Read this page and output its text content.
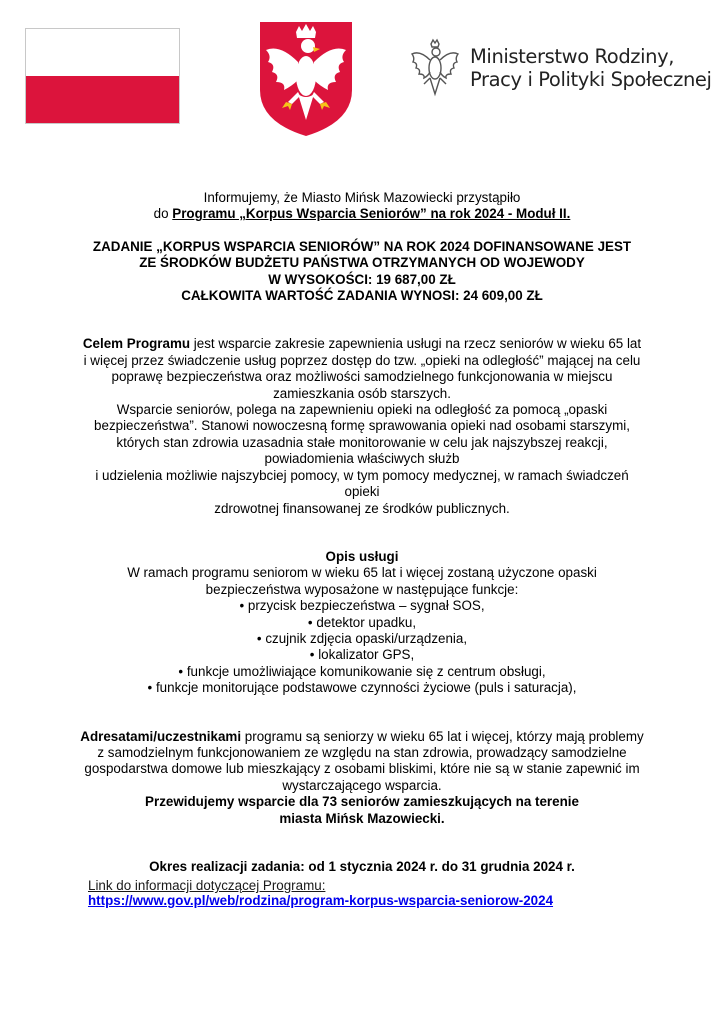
Ministerstwo Rodziny,
Pracy i Polityki Społecznej

Informujemy, że Miasto Mińsk Mazowiecki przystąpiło

do Programu „Korpus Wsparcia Seniorów” na rok 2024 - Moduł II.

ZADANIE „KORPUS WSPARCIA SENIORÓW” NA ROK 2024 DOFINANSOWANE JEST

ZE ŚRODKÓW BUDŻETU PAŃSTWA OTRZYMANYCH OD WOJEWODY

W WYSOKOŚCI: 19 687,00 ZŁ

CAŁKOWITA WARTOŚĆ ZADANIA WYNOSI: 24 609,00 ZŁ

Celem Programu jest wsparcie zakresie zapewnienia usługi na rzecz seniorów w wieku 65 lat i więcej przez świadczenie usług poprzez dostęp do tzw. „opieki na odległość” mającej na celu poprawę bezpieczeństwa oraz możliwości samodzielnego funkcjonowania w miejscu zamieszkania osób starszych.

Wsparcie seniorów, polega na zapewnieniu opieki na odległość za pomocą „opaski bezpieczeństwa”. Stanowi nowoczesną formę sprawowania opieki nad osobami starszymi, których stan zdrowia uzasadnia stałe monitorowanie w celu jak najszybszej reakcji, powiadomienia właściwych służb

i udzielenia możliwie najszybciej pomocy, w tym pomocy medycznej, w ramach świadczeń opieki

zdrowotnej finansowanej ze środków publicznych.

Opis usługi

W ramach programu seniorom w wieku 65 lat i więcej zostaną użyczone opaski bezpieczeństwa wyposażone w następujące funkcje:

• przycisk bezpieczeństwa – sygnał SOS,
• detektor upadku,
• czujnik zdjęcia opaski/urządzenia,
• lokalizator GPS,
• funkcje umożliwiające komunikowanie się z centrum obsługi,
• funkcje monitorujące podstawowe czynności życiowe (puls i saturacja),

Adresatami/uczestnikami programu są seniorzy w wieku 65 lat i więcej, którzy mają problemy z samodzielnym funkcjonowaniem ze względu na stan zdrowia, prowadzący samodzielne gospodarstwa domowe lub mieszkający z osobami bliskimi, które nie są w stanie zapewnić im wystarczającego wsparcia.

Przewidujemy wsparcie dla 73 seniorów zamieszkujących na terenie

miasta Mińsk Mazowiecki.

Okres realizacji zadania: od 1 stycznia 2024 r. do 31 grudnia 2024 r.

Link do informacji dotyczącej Programu:
https://www.gov.pl/web/rodzina/program-korpus-wsparcia-seniorow-2024
